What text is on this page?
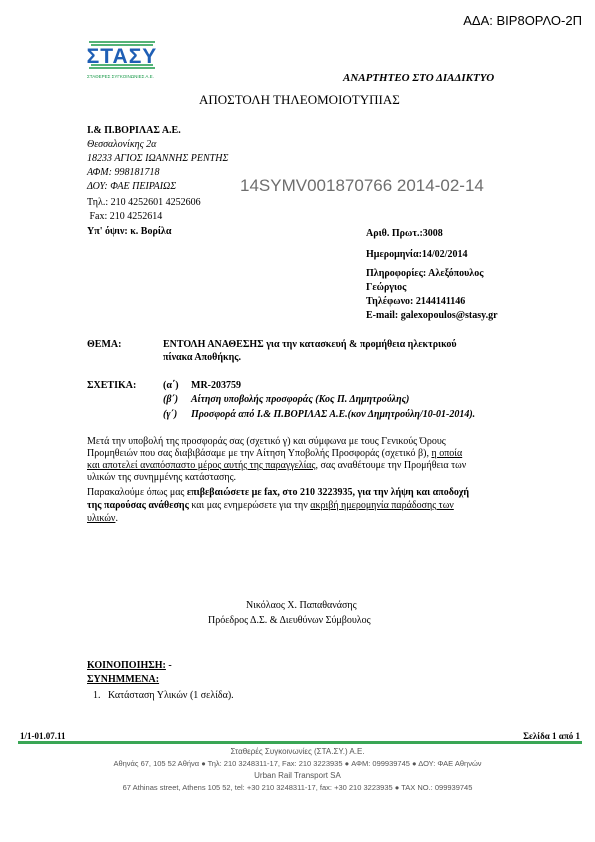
ΑΔΑ: ΒΙΡ8ΟΡΛΟ-2Π
ΣΤΑΣΥ
ΣΤΑΘΕΡΕΣ ΣΥΓΚΟΙΝΩΝΙΕΣ Α.Ε.	ΑΝΑΡΤΗΤΕΟ ΣΤΟ ΔΙΑΔΙΚΤΥΟ
ΑΠΟΣΤΟΛΗ ΤΗΛΕΟΜΟΙΟΤΥΠΙΑΣ
Ι.& Π.ΒΟΡΙΛΑΣ Α.Ε.
Θεσσαλονίκης 2α
18233 ΑΓΙΟΣ ΙΩΑΝΝΗΣ ΡΕΝΤΗΣ
ΑΦΜ: 998181718
ΔΟΥ: ΦΑΕ ΠΕΙΡΑΙΩΣ
Τηλ.: 210 4252601 4252606
Fax: 210 4252614
Υπ' όψιν: κ. Βορίλα
14SYMV001870766 2014-02-14
Αριθ. Πρωτ.:3008
Ημερομηνία:14/02/2014
Πληροφορίες: Αλεξόπουλος
Γεώργιος
Τηλέφωνο: 2144141146
E-mail: galexopoulos@stasy.gr
ΘΕΜΑ:	ΕΝΤΟΛΗ ΑΝΑΘΕΣΗΣ για την κατασκευή & προμήθεια ηλεκτρικού
πίνακα Αποθήκης.
ΣΧΕΤΙΚΑ:	(α΄) MR-203759
(β΄) Αίτηση υποβολής προσφοράς (Κος Π. Δημητρούλης)
(γ΄) Προσφορά από Ι.& Π.ΒΟΡΙΛΑΣ Α.Ε.(κον Δημητρούλη/10-01-2014).
Μετά την υποβολή της προσφοράς σας (σχετικό γ) και σύμφωνα με τους Γενικούς Όρους
Προμηθειών που σας διαβιβάσαμε με την Αίτηση Υποβολής Προσφοράς (σχετικό β), η οποία
και αποτελεί αναπόσπαστο μέρος αυτής της παραγγελίας, σας αναθέτουμε την Προμήθεια των
υλικών της συνημμένης κατάστασης.
Παρακαλούμε όπως μας επιβεβαιώσετε με fax, στο 210 3223935, για την λήψη και αποδοχή
της παρούσας ανάθεσης και μας ενημερώσετε για την ακριβή ημερομηνία παράδοσης των
υλικών.
Νικόλαος Χ. Παπαθανάσης
Πρόεδρος Δ.Σ. & Διευθύνων Σύμβουλος
ΚΟΙΝΟΠΟΙΗΣΗ: -
ΣΥΝΗΜΜΕΝΑ:
1.   Κατάσταση Υλικών (1 σελίδα).
1/1-01.07.11	Σελίδα 1 από 1
Σταθερές Συγκοινωνίες (ΣΤΑ.ΣΥ.) Α.Ε.
Αθηνάς 67, 105 52 Αθήνα ● Τηλ: 210 3248311-17, Fax: 210 3223935 ● ΑΦΜ: 099939745 ● ΔΟΥ: ΦΑΕ Αθηνών
Urban Rail Transport SA
67 Athinas street, Athens 105 52, tel: +30 210 3248311-17, fax: +30 210 3223935 ● TAX NO.: 099939745
